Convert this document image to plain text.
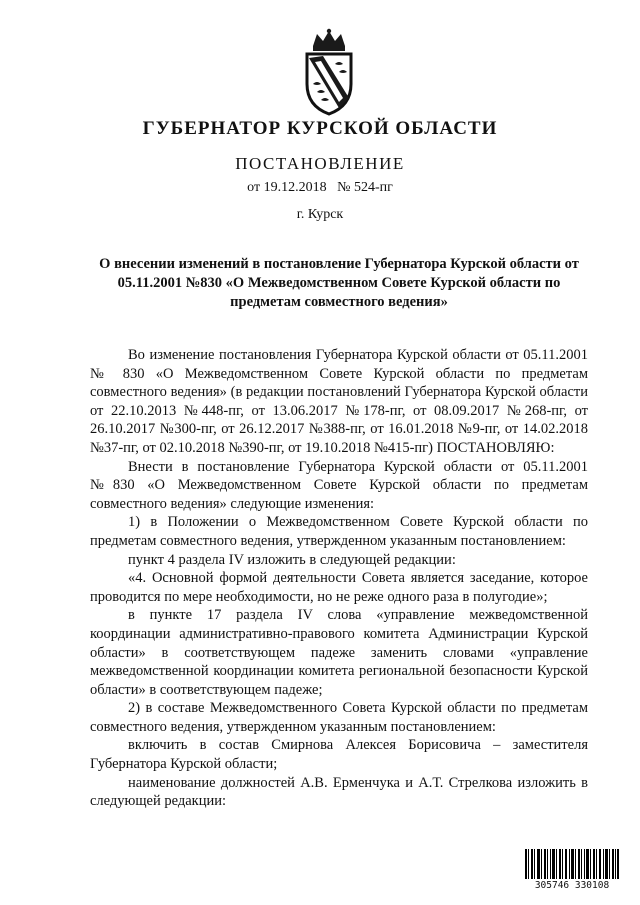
ГУБЕРНАТОР КУРСКОЙ ОБЛАСТИ
ПОСТАНОВЛЕНИЕ
от 19.12.2018   № 524-пг
г. Курск
О внесении изменений в постановление Губернатора Курской области от 05.11.2001 №830 «О Межведомственном Совете Курской области по предметам совместного ведения»

Во изменение постановления Губернатора Курской области от 05.11.2001 № 830 «О Межведомственном Совете Курской области по предметам совместного ведения» (в редакции постановлений Губернатора Курской области от 22.10.2013 №448-пг, от 13.06.2017 №178-пг, от 08.09.2017 №268-пг, от 26.10.2017 №300-пг, от 26.12.2017 №388-пг, от 16.01.2018 №9-пг, от 14.02.2018 №37-пг, от 02.10.2018 №390-пг, от 19.10.2018 №415-пг) ПОСТАНОВЛЯЮ:

Внести в постановление Губернатора Курской области от 05.11.2001 №830 «О Межведомственном Совете Курской области по предметам совместного ведения» следующие изменения:

1) в Положении о Межведомственном Совете Курской области по предметам совместного ведения, утвержденном указанным постановлением:

пункт 4 раздела IV изложить в следующей редакции:

«4. Основной формой деятельности Совета является заседание, которое проводится по мере необходимости, но не реже одного раза в полугодие»;

в пункте 17 раздела IV слова «управление межведомственной координации административно-правового комитета Администрации Курской области» в соответствующем падеже заменить словами «управление межведомственной координации комитета региональной безопасности Курской области» в соответствующем падеже;

2) в составе Межведомственного Совета Курской области по предметам совместного ведения, утвержденном указанным постановлением:

включить в состав Смирнова Алексея Борисовича – заместителя Губернатора Курской области;

наименование должностей А.В. Ерменчука и А.Т. Стрелкова изложить в следующей редакции:

305746 330108
